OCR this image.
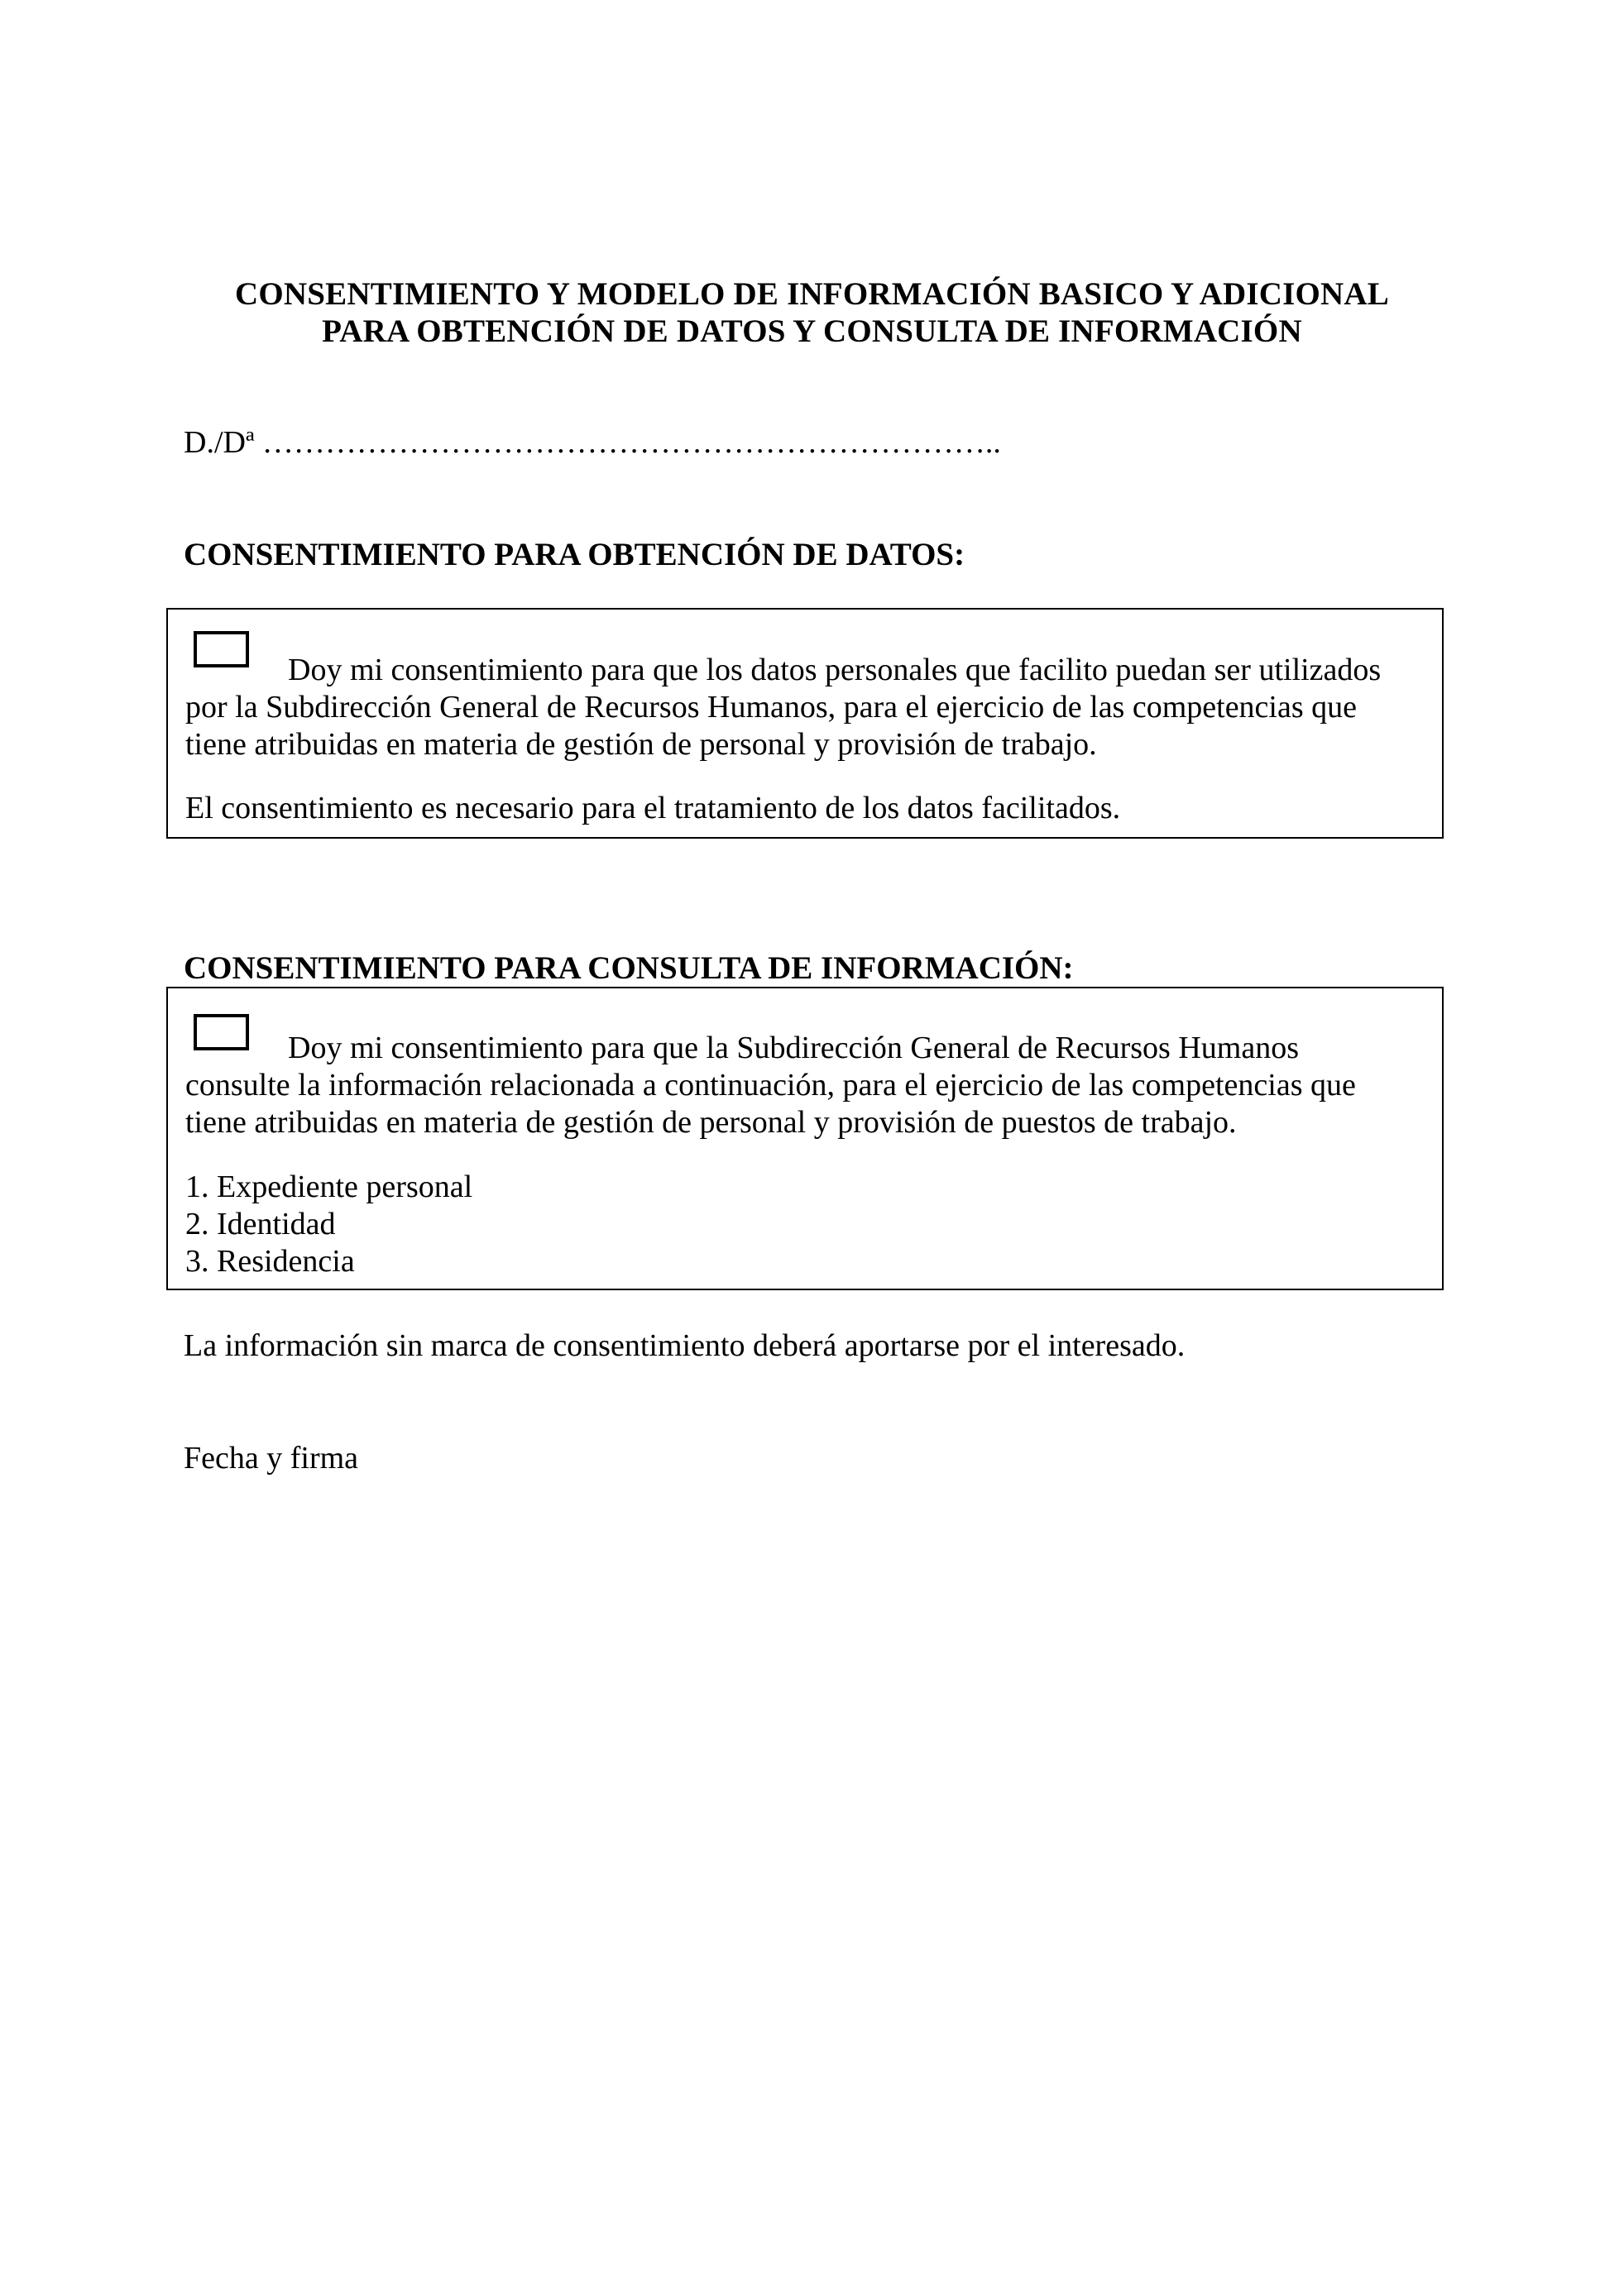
CONSENTIMIENTO Y MODELO DE INFORMACIÓN BASICO Y ADICIONAL
PARA OBTENCIÓN DE DATOS Y CONSULTA DE INFORMACIÓN
D./Dª ……………………………………………………………..
CONSENTIMIENTO PARA OBTENCIÓN DE DATOS:
Doy mi consentimiento para que los datos personales que facilito puedan ser utilizados
por la Subdirección General de Recursos Humanos, para el ejercicio de las competencias que
tiene atribuidas en materia de gestión de personal y provisión de trabajo.
El consentimiento es necesario para el tratamiento de los datos facilitados.
CONSENTIMIENTO PARA CONSULTA DE INFORMACIÓN:
Doy mi consentimiento para que la Subdirección General de Recursos Humanos
consulte la información relacionada a continuación, para el ejercicio de las competencias que
tiene atribuidas en materia de gestión de personal y provisión de puestos de trabajo.
1. Expediente personal
2. Identidad
3. Residencia
La información sin marca de consentimiento deberá aportarse por el interesado.
Fecha y firma
